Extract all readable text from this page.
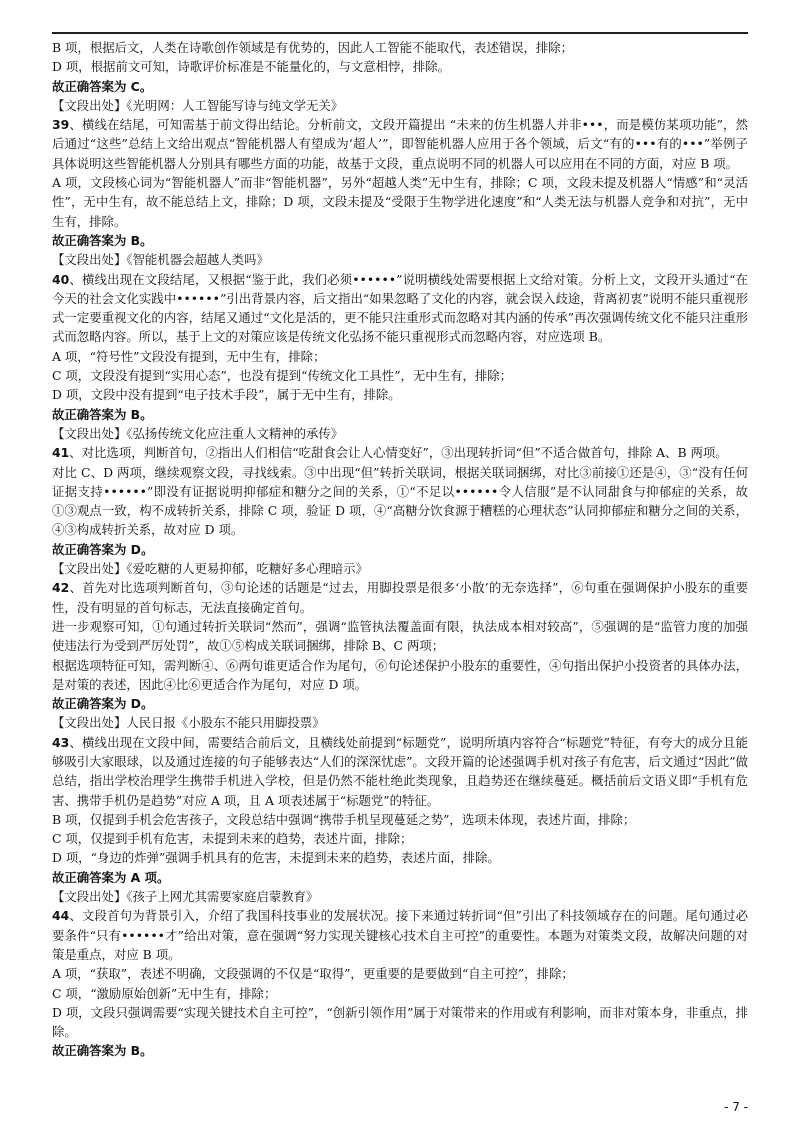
B 项，根据后文，人类在诗歌创作领域是有优势的，因此人工智能不能取代，表述错误，排除；

D 项，根据前文可知，诗歌评价标准是不能量化的，与文意相悖，排除。

故正确答案为 C。

【文段出处】《光明网：人工智能写诗与纯文学无关》

39、横线在结尾，可知需基于前文得出结论。分析前文，文段开篇提出 “未来的仿生机器人并非•••，而是模仿某项功能”，然后通过“这些”总结上文给出观点“智能机器人有望成为‘超人’”，即智能机器人应用于各个领域，后文“有的•••有的•••”举例子具体说明这些智能机器人分别具有哪些方面的功能，故基于文段，重点说明不同的机器人可以应用在不同的方面，对应 B 项。

A 项，文段核心词为“智能机器人”而非“智能机器”，另外“超越人类”无中生有，排除；C 项，文段未提及机器人“情感”和“灵活性”，无中生有，故不能总结上文，排除；D 项，文段未提及“受限于生物学进化速度”和“人类无法与机器人竞争和对抗”，无中生有，排除。

故正确答案为 B。

【文段出处】《智能机器会超越人类吗》

40、横线出现在文段结尾，又根据“鉴于此，我们必须••••••”说明横线处需要根据上文给对策。分析上文，文段开头通过“在今天的社会文化实践中••••••”引出背景内容，后文指出“如果忽略了文化的内容，就会误入歧途，背离初衷”说明不能只重视形式一定要重视文化的内容，结尾又通过“文化是活的，更不能只注重形式而忽略对其内涵的传承”再次强调传统文化不能只注重形式而忽略内容。所以，基于上文的对策应该是传统文化弘扬不能只重视形式而忽略内容，对应选项 B。

A 项，“符号性”文段没有提到，无中生有，排除；

C 项，文段没有提到“实用心态”，也没有提到“传统文化工具性”，无中生有，排除；

D 项，文段中没有提到“电子技术手段”，属于无中生有，排除。

故正确答案为 B。

【文段出处】《弘扬传统文化应注重人文精神的承传》

41、对比选项，判断首句，②指出人们相信“吃甜食会让人心情变好”，③出现转折词“但”不适合做首句，排除 A、B 两项。

对比 C、D 两项，继续观察文段，寻找线索。③中出现“但”转折关联词，根据关联词捆绑，对比③前接①还是④，③“没有任何证据支持••••••”即没有证据说明抑郁症和糖分之间的关系，①“不足以••••••令人信服”是不认同甜食与抑郁症的关系，故①③观点一致，构不成转折关系，排除 C 项，验证 D 项，④“高糖分饮食源于糟糕的心理状态”认同抑郁症和糖分之间的关系，④③构成转折关系，故对应 D 项。

故正确答案为 D。

【文段出处】《爱吃糖的人更易抑郁，吃糖好多心理暗示》

42、首先对比选项判断首句，③句论述的话题是“过去，用脚投票是很多‘小散’的无奈选择”，⑥句重在强调保护小股东的重要性，没有明显的首句标志，无法直接确定首句。

进一步观察可知，①句通过转折关联词“然而”，强调“监管执法覆盖面有限，执法成本相对较高”，⑤强调的是“监管力度的加强使违法行为受到严厉处罚”，故①⑤构成关联词捆绑，排除 B、C 两项；

根据选项特征可知，需判断④、⑥两句谁更适合作为尾句，⑥句论述保护小股东的重要性，④句指出保护小投资者的具体办法，是对策的表述，因此④比⑥更适合作为尾句，对应 D 项。

故正确答案为 D。

【文段出处】人民日报《小股东不能只用脚投票》

43、横线出现在文段中间，需要结合前后文，且横线处前提到“标题党”，说明所填内容符合“标题党”特征，有夸大的成分且能够吸引大家眼球，以及通过连接的句子能够表达“人们的深深忧虑”。文段开篇的论述强调手机对孩子有危害，后文通过“因此”做总结，指出学校治理学生携带手机进入学校，但是仍然不能杜绝此类现象，且趋势还在继续蔓延。概括前后文语义即“手机有危害、携带手机仍是趋势”对应 A 项，且 A 项表述属于“标题党”的特征。

B 项，仅提到手机会危害孩子，文段总结中强调“携带手机呈现蔓延之势”，选项未体现，表述片面，排除；

C 项，仅提到手机有危害，未提到未来的趋势，表述片面，排除；

D 项，“身边的炸弹”强调手机具有的危害，未提到未来的趋势，表述片面，排除。

故正确答案为 A 项。

【文段出处】《孩子上网尤其需要家庭启蒙教育》

44、文段首句为背景引入，介绍了我国科技事业的发展状况。接下来通过转折词“但”引出了科技领域存在的问题。尾句通过必要条件“只有••••••才”给出对策，意在强调“努力实现关键核心技术自主可控”的重要性。本题为对策类文段，故解决问题的对策是重点，对应 B 项。

A 项，“获取”，表述不明确，文段强调的不仅是“取得”，更重要的是要做到“自主可控”，排除；

C 项，“激励原始创新”无中生有，排除；

D 项，文段只强调需要“实现关键技术自主可控”，“创新引领作用”属于对策带来的作用或有利影响，而非对策本身，非重点，排除。

故正确答案为 B。

- 7 -
